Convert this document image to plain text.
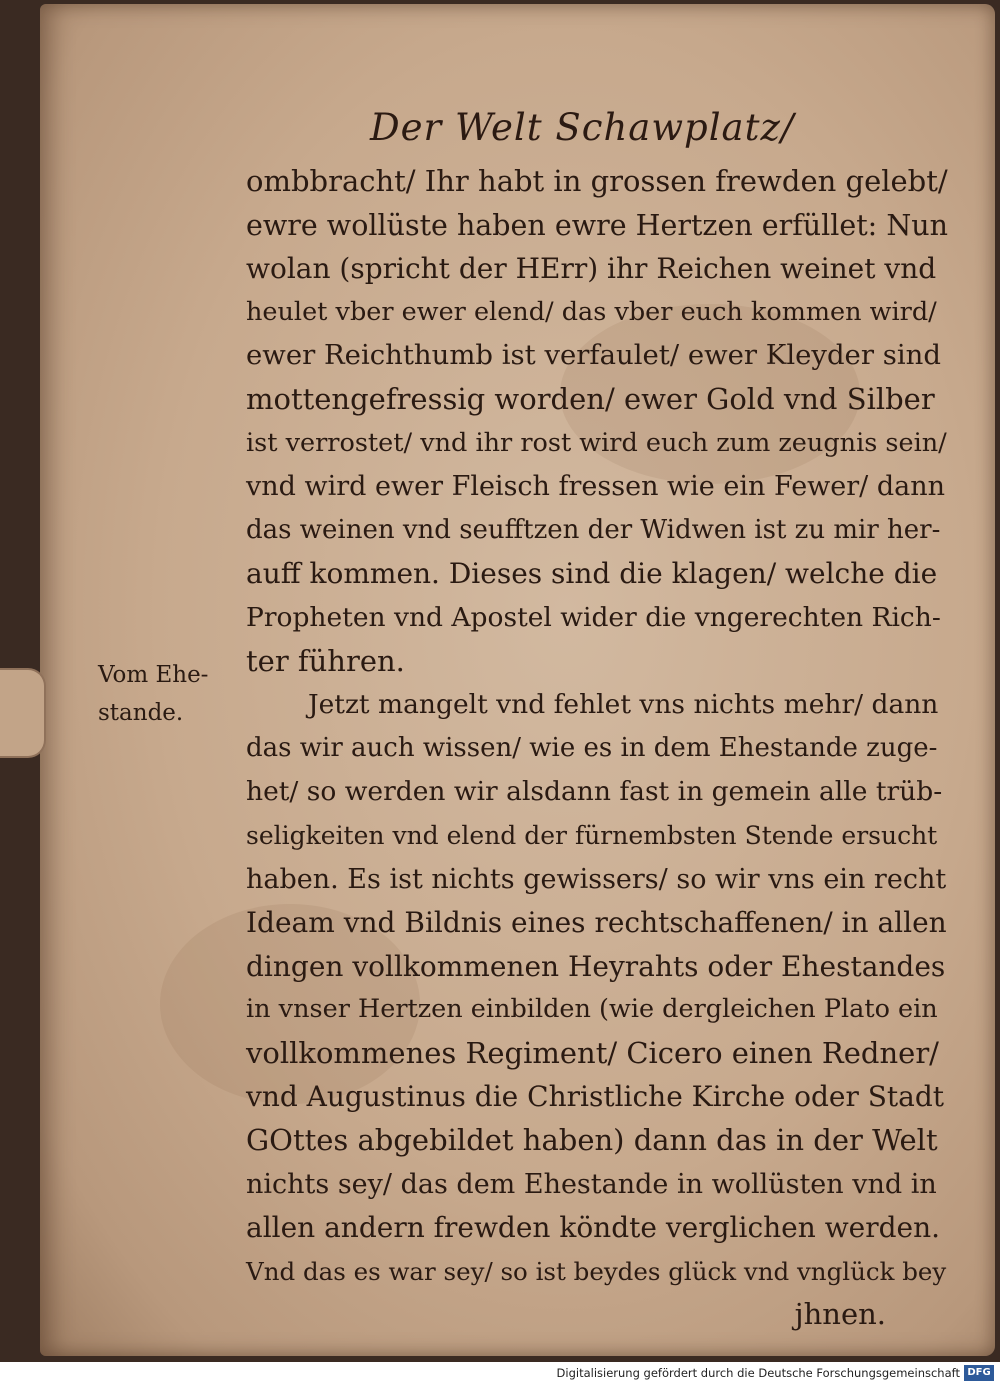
Der Welt Schawplatz/
Vom Ehe-
stande.
ombbracht/ Ihr habt in grossen frewden gelebt/
ewre wollüste haben ewre Hertzen erfüllet: Nun
wolan (spricht der HErr) ihr Reichen weinet vnd
heulet vber ewer elend/ das vber euch kommen wird/
ewer Reichthumb ist verfaulet/ ewer Kleyder sind
mottengefressig worden/ ewer Gold vnd Silber
ist verrostet/ vnd ihr rost wird euch zum zeugnis sein/
vnd wird ewer Fleisch fressen wie ein Fewer/ dann
das weinen vnd seufftzen der Widwen ist zu mir her-
auff kommen. Dieses sind die klagen/ welche die
Propheten vnd Apostel wider die vngerechten Rich-
ter führen.
Jetzt mangelt vnd fehlet vns nichts mehr/ dann
das wir auch wissen/ wie es in dem Ehestande zuge-
het/ so werden wir alsdann fast in gemein alle trüb-
seligkeiten vnd elend der fürnembsten Stende ersucht
haben. Es ist nichts gewissers/ so wir vns ein recht
Ideam vnd Bildnis eines rechtschaffenen/ in allen
dingen vollkommenen Heyrahts oder Ehestandes
in vnser Hertzen einbilden (wie dergleichen Plato ein
vollkommenes Regiment/ Cicero einen Redner/
vnd Augustinus die Christliche Kirche oder Stadt
GOttes abgebildet haben) dann das in der Welt
nichts sey/ das dem Ehestande in wollüsten vnd in
allen andern frewden köndte verglichen werden.
Vnd das es war sey/ so ist beydes glück vnd vnglück bey
jhnen.
Digitalisierung gefördert durch die Deutsche Forschungsgemeinschaft DFG
